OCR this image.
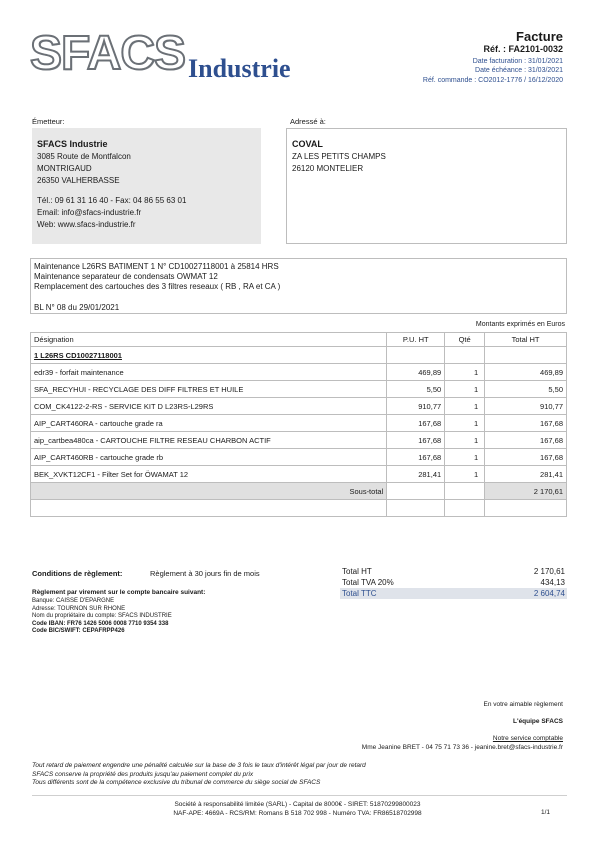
SFACS Industrie
Facture
Réf. : FA2101-0032
Date facturation : 31/01/2021
Date échéance : 31/03/2021
Réf. commande : CO2012-1776 / 16/12/2020
Émetteur:
SFACS Industrie
3085 Route de Montfalcon
MONTRIGAUD
26350 VALHERBASSE
Tél.: 09 61 31 16 40 - Fax: 04 86 55 63 01
Email: info@sfacs-industrie.fr
Web: www.sfacs-industrie.fr
Adressé à:
COVAL
ZA LES PETITS CHAMPS
26120 MONTELIER
Maintenance L26RS BATIMENT 1 N° CD10027118001 à 25814 HRS
Maintenance separateur de condensats OWMAT 12
Remplacement des cartouches des 3 filtres reseaux ( RB , RA et CA )
BL N° 08 du 29/01/2021
Montants exprimés en Euros
Désignation	P.U. HT	Qté	Total HT
1 L26RS CD10027118001			
edr39 - forfait maintenance	469,89	1	469,89
SFA_RECYHUI - RECYCLAGE DES DIFF FILTRES ET HUILE	5,50	1	5,50
COM_CK4122-2-RS - SERVICE KIT D L23RS-L29RS	910,77	1	910,77
AIP_CART460RA - cartouche grade ra	167,68	1	167,68
aip_cartbea480ca - CARTOUCHE FILTRE RESEAU CHARBON ACTIF	167,68	1	167,68
AIP_CART460RB - cartouche grade rb	167,68	1	167,68
BEK_XVKT12CF1 - Filter Set for ÖWAMAT 12	281,41	1	281,41
Sous-total			2 170,61

Conditions de règlement:	Règlement à 30 jours fin de mois
Règlement par virement sur le compte bancaire suivant:
Banque: CAISSE D'EPARGNE
Adresse: TOURNON SUR RHONE
Nom du propriétaire du compte: SFACS INDUSTRIE
Code IBAN: FR76 1426 5006 0008 7710 9354 338
Code BIC/SWIFT: CEPAFRPP426
Total HT	2 170,61
Total TVA 20%	434,13
Total TTC	2 604,74
En votre aimable règlement
L'équipe SFACS
Notre service comptable
Mme Jeanine BRET - 04 75 71 73 36 - jeanine.bret@sfacs-industrie.fr
Tout retard de paiement engendre une pénalité calculée sur la base de 3 fois le taux d'intérêt légal par jour de retard
SFACS conserve la propriété des produits jusqu'au paiement complet du prix
Tous différents sont de la compétence exclusive du tribunal de commerce du siège social de SFACS
Société à responsabilité limitée (SARL) - Capital de 8000€ - SIRET: 51870299800023
NAF-APE: 4669A - RCS/RM: Romans B 518 702 998 - Numéro TVA: FR86518702998	1/1
